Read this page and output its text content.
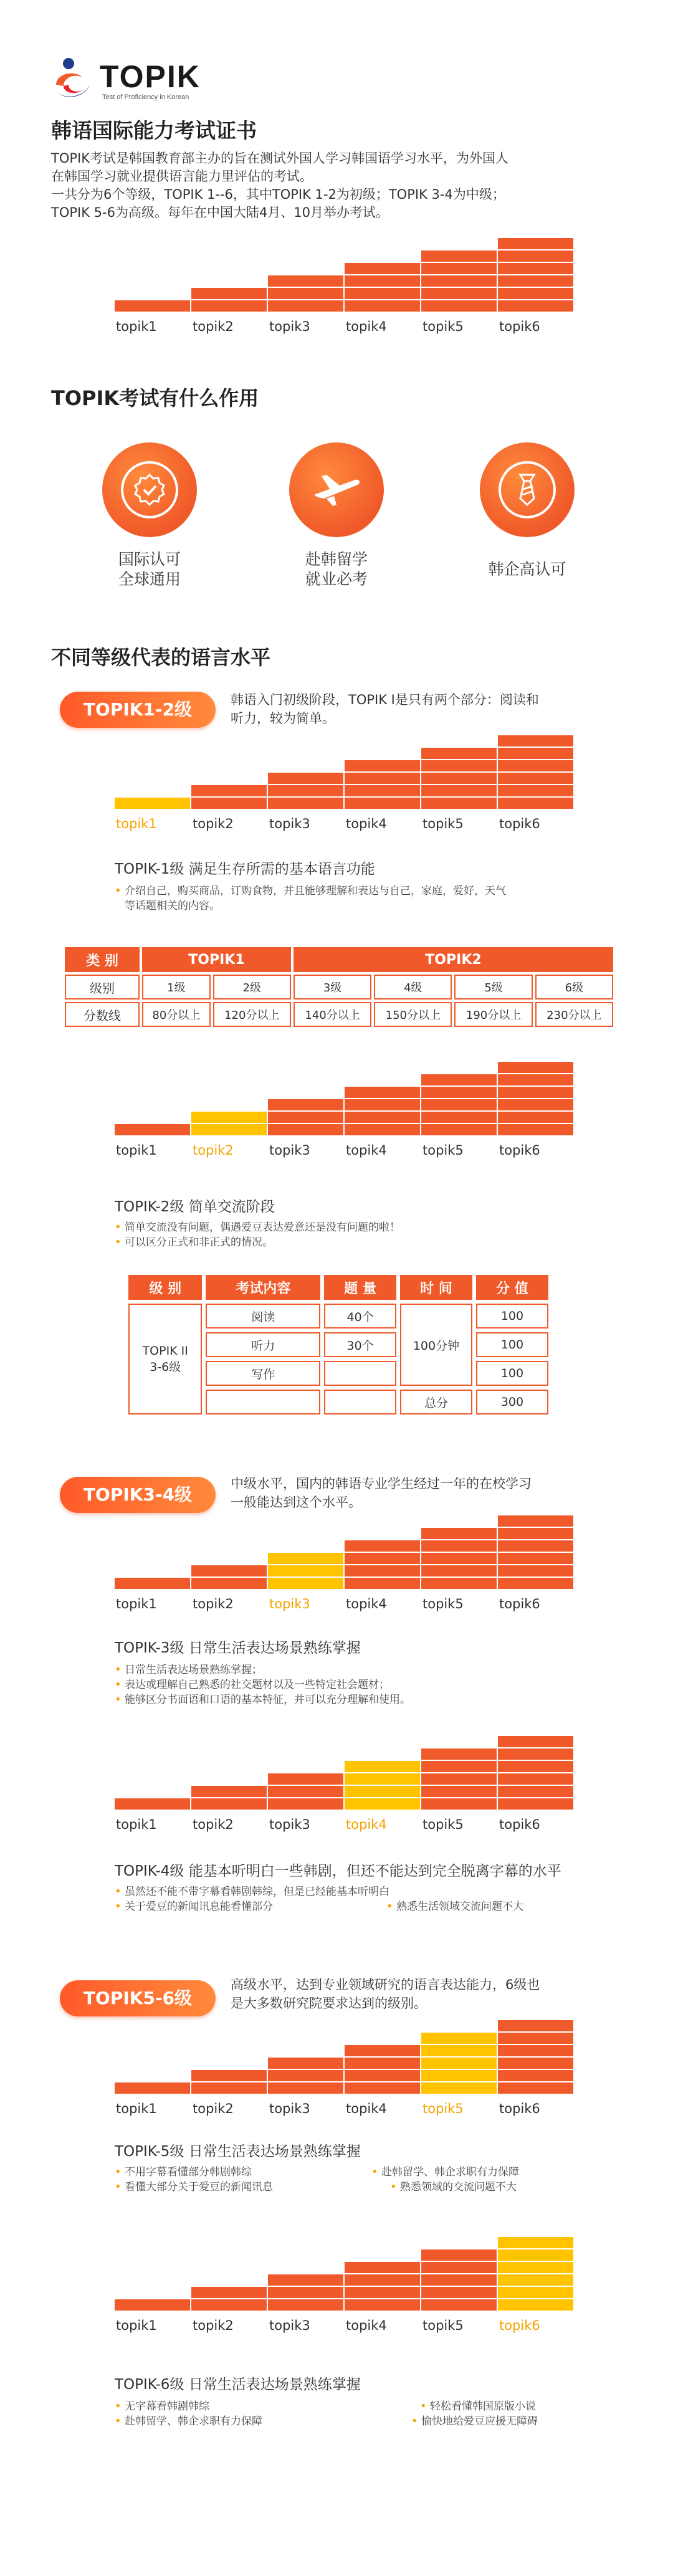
TOPIK
Test of Proficiency in Korean
韩语国际能力考试证书

TOPIK考试是韩国教育部主办的旨在测试外国人学习韩国语学习水平，为外国人

在韩国学习就业提供语言能力里评估的考试。

一共分为6个等级，TOPIK 1--6，其中TOPIK 1-2为初级；TOPIK 3-4为中级；

TOPIK 5-6为高级。每年在中国大陆4月、10月举办考试。

topik1	topik2	topik3	topik4	topik5	topik6
TOPIK考试有什么作用
国际认可
全球通用
赴韩留学
就业必考
韩企高认可
不同等级代表的语言水平
TOPIK1-2级	韩语入门初级阶段，TOPIK I是只有两个部分：阅读和
听力，较为简单。
topik1	topik2	topik3	topik4	topik5	topik6
TOPIK-1级 满足生存所需的基本语言功能
• 介绍自己，购买商品，订购食物，并且能够理解和表达与自己，家庭，爱好，天气
等话题相关的内容。
类 别	TOPIK1		TOPIK2			
级别	1级	2级	3级	4级	5级	6级
分数线	80分以上	120分以上	140分以上	150分以上	190分以上	230分以上
topik1	topik2	topik3	topik4	topik5	topik6
TOPIK-2级 简单交流阶段
• 简单交流没有问题，偶遇爱豆表达爱意还是没有问题的啦！
• 可以区分正式和非正式的情况。
级 别	考试内容	题 量	时 间	分 值

TOPIK II
3-6级	阅读	40个	100分钟	100
	听力	30个		100
	写作			100
			总分	300
TOPIK3-4级
中级水平，国内的韩语专业学生经过一年的在校学习
一般能达到这个水平。
topik1	topik2	topik3	topik4	topik5	topik6
TOPIK-3级 日常生活表达场景熟练掌握
• 日常生活表达场景熟练掌握；
• 表达或理解自己熟悉的社交题材以及一些特定社会题材；
• 能够区分书面语和口语的基本特征，并可以充分理解和使用。
topik1	topik2	topik3	topik4	topik5	topik6
TOPIK-4级 能基本听明白一些韩剧，但还不能达到完全脱离字幕的水平
• 虽然还不能不带字幕看韩剧韩综，但是已经能基本听明白
• 关于爱豆的新闻讯息能看懂部分	• 熟悉生活领域交流问题不大
TOPIK5-6级
高级水平，达到专业领域研究的语言表达能力，6级也
是大多数研究院要求达到的级别。
topik1	topik2	topik3	topik4	topik5	topik6
TOPIK-5级 日常生活表达场景熟练掌握
• 不用字幕看懂部分韩剧韩综
• 看懂大部分关于爱豆的新闻讯息
• 赴韩留学、韩企求职有力保障
• 熟悉领域的交流问题不大
topik1	topik2	topik3	topik4	topik5	topik6
TOPIK-6级 日常生活表达场景熟练掌握
• 无字幕看韩剧韩综
• 赴韩留学、韩企求职有力保障
• 轻松看懂韩国原版小说
• 愉快地给爱豆应援无障碍
